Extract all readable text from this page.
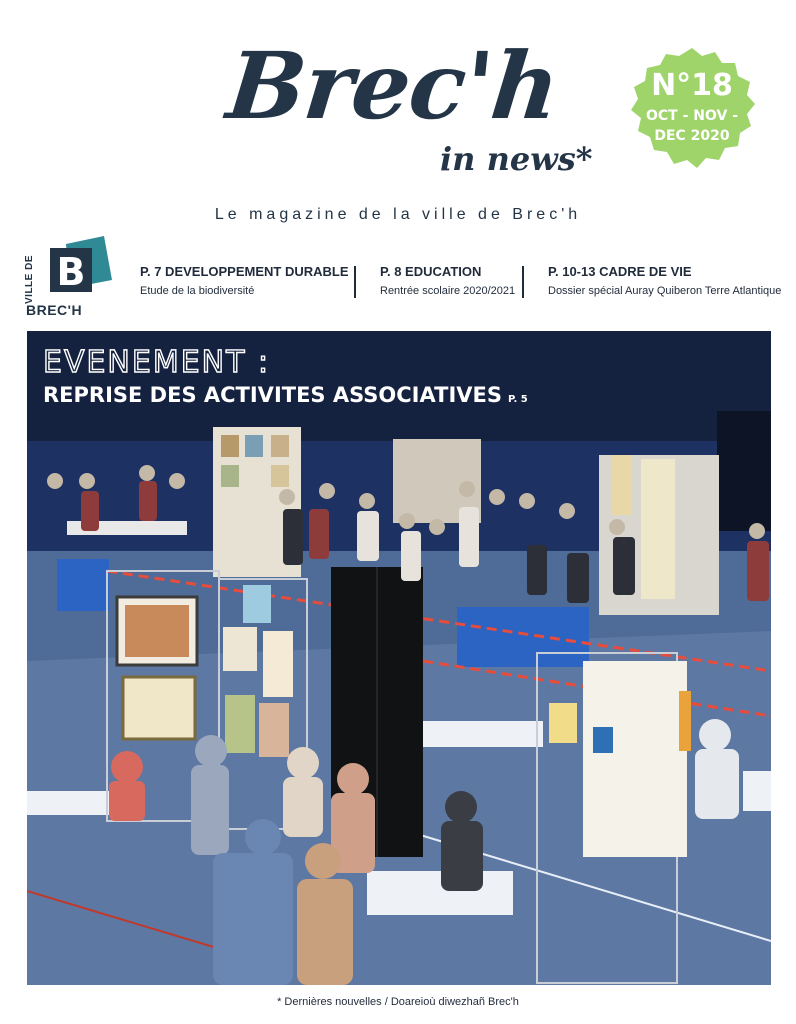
Brec'h
in news*
N°18
OCT - NOV -
DEC 2020
Le magazine de la ville de Brec'h
VILLE DE B
BREC'H
P. 7 DEVELOPPEMENT DURABLE
Etude de la biodiversité
P. 8 EDUCATION
Rentrée scolaire 2020/2021
P. 10-13 CADRE DE VIE
Dossier spécial Auray Quiberon Terre Atlantique
EVENEMENT :
REPRISE DES ACTIVITES ASSOCIATIVES P. 5
* Dernières nouvelles / Doareioù diwezhañ Brec'h
